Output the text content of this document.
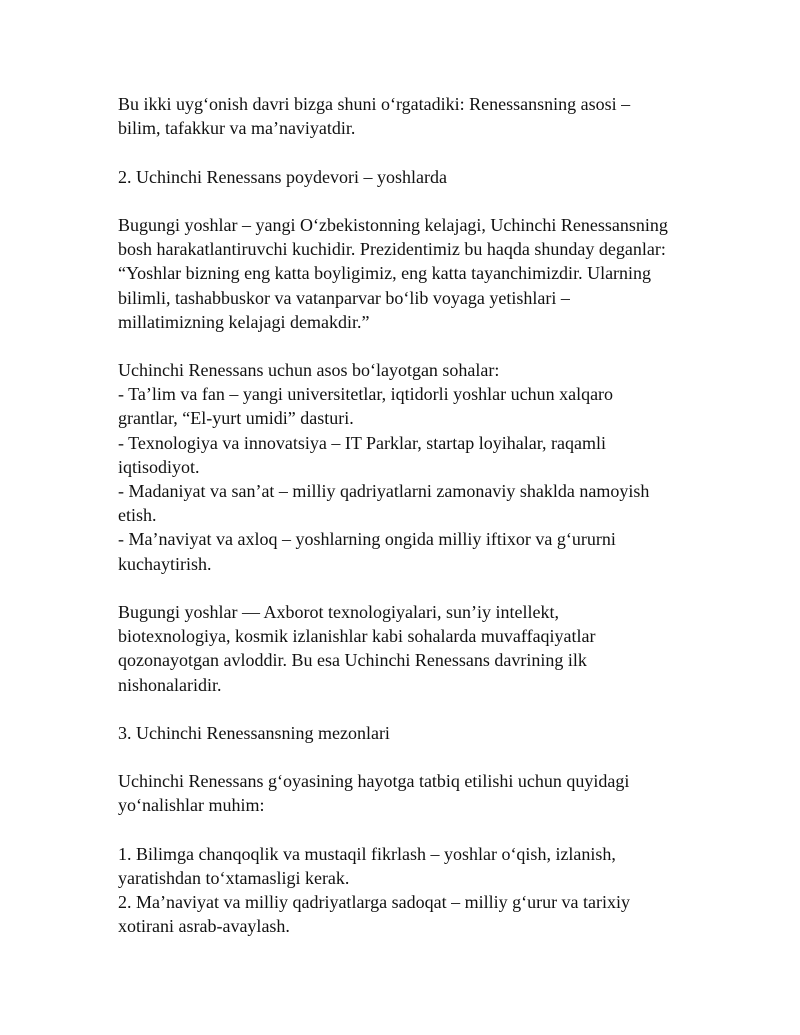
Bu ikki uyg‘onish davri bizga shuni o‘rgatadiki: Renessansning asosi –
bilim, tafakkur va ma’naviyatdir.
2. Uchinchi Renessans poydevori – yoshlarda
Bugungi yoshlar – yangi O‘zbekistonning kelajagi, Uchinchi Renessansning
bosh harakatlantiruvchi kuchidir. Prezidentimiz bu haqda shunday deganlar:
“Yoshlar bizning eng katta boyligimiz, eng katta tayanchimizdir. Ularning
bilimli, tashabbuskor va vatanparvar bo‘lib voyaga yetishlari –
millatimizning kelajagi demakdir.”
Uchinchi Renessans uchun asos bo‘layotgan sohalar:
- Ta’lim va fan – yangi universitetlar, iqtidorli yoshlar uchun xalqaro
grantlar, “El-yurt umidi” dasturi.
- Texnologiya va innovatsiya – IT Parklar, startap loyihalar, raqamli
iqtisodiyot.
- Madaniyat va san’at – milliy qadriyatlarni zamonaviy shaklda namoyish
etish.
- Ma’naviyat va axloq – yoshlarning ongida milliy iftixor va g‘ururni
kuchaytirish.
Bugungi yoshlar — Axborot texnologiyalari, sun’iy intellekt,
biotexnologiya, kosmik izlanishlar kabi sohalarda muvaffaqiyatlar
qozonayotgan avloddir. Bu esa Uchinchi Renessans davrining ilk
nishonalaridir.
3. Uchinchi Renessansning mezonlari
Uchinchi Renessans g‘oyasining hayotga tatbiq etilishi uchun quyidagi
yo‘nalishlar muhim:
1. Bilimga chanqoqlik va mustaqil fikrlash – yoshlar o‘qish, izlanish,
yaratishdan to‘xtamasligi kerak.
2. Ma’naviyat va milliy qadriyatlarga sadoqat – milliy g‘urur va tarixiy
xotirani asrab-avaylash.
